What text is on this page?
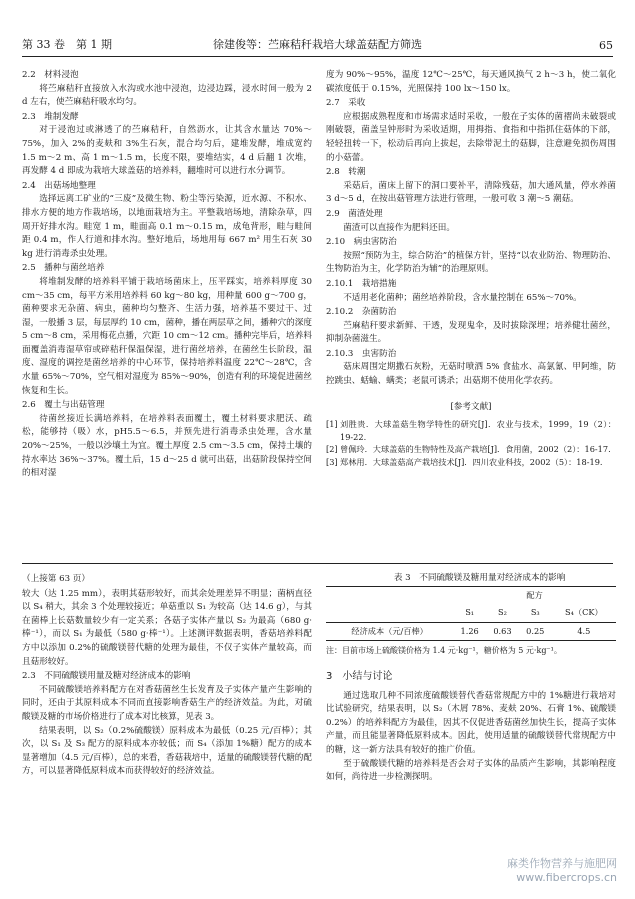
第 33 卷　第 1 期	徐建俊等：苎麻秸秆栽培大球盖菇配方筛选	65

2.2　材料浸泡

将苎麻秸秆直接放入水沟或水池中浸泡，边浸边踩，浸水时间一般为 2 d 左右，使苎麻秸秆吸水均匀。

2.3　堆制发酵

对于浸泡过或淋透了的苎麻秸秆，自然沥水，让其含水量达 70%～75%，加入 2%的麦麸和 3%生石灰，混合均匀后，建堆发酵，堆成宽约 1.5 m～2 m、高 1 m～1.5 m，长度不限，要堆结实，4 d 后翻 1 次堆，再发酵 4 d 即成为栽培大球盖菇的培养料，翻堆时可以进行水分调节。

2.4　出菇场地整理

选择远离工矿业的“三废”及微生物、粉尘等污染源，近水源、不积水、排水方便的地方作栽培场，以地面栽培为主。平整栽培场地，清除杂草，四周开好排水沟。畦宽 1 m，畦面高 0.1 m～0.15 m，成龟背形，畦与畦间距 0.4 m，作人行道和排水沟。整好地后，场地用每 667 m² 用生石灰 30 kg 进行消毒杀虫处理。

2.5　播种与菌丝培养

将堆制发酵的培养料平铺于栽培场菌床上，压平踩实，培养料厚度 30 cm～35 cm，每平方米用培养料 60 kg～80 kg，用种量 600 g～700 g，菌种要求无杂菌、病虫，菌种均匀整齐、生活力强，培养基不要过干、过湿，一般播 3 层，每层厚约 10 cm，菌种，播在两层草之间，播种穴的深度 5 cm～8 cm，采用梅花点播，穴距 10 cm～12 cm。播种完毕后，培养料面覆盖消毒湿草帘或碎秸秆保温保湿，进行菌丝培养，在菌丝生长阶段，温度、湿度的调控是菌丝培养的中心环节，保持培养料温度 22℃～28℃，含水量 65%～70%，空气相对湿度为 85%～90%，创造有利的环境促进菌丝恢复和生长。

2.6　覆土与出菇管理

待菌丝接近长满培养料，在培养料表面覆土，覆土材料要求肥沃、疏松，能够持（吸）水，pH5.5～6.5，并预先进行消毒杀虫处理，含水量 20%～25%，一般以沙壤土为宜。覆土厚度 2.5 cm～3.5 cm，保持土壤的持水率达 36%～37%。覆土后，15 d～25 d 就可出菇，出菇阶段保持空间的相对湿

度为 90%～95%，温度 12℃～25℃，每天通风换气 2 h～3 h，使二氧化碳浓度低于 0.15%，光照保持 100 lx～150 lx。

2.7　采收

应根据成熟程度和市场需求适时采收，一般在子实体的菌褶尚未破裂或刚破裂，菌盖呈钟形时为采收适期，用拇指、食指和中指抓住菇体的下部，轻轻扭转一下，松动后再向上拔起，去除带泥土的菇脚，注意避免损伤周围的小菇蕾。

2.8　转潮

采菇后，菌床上留下的洞口要补平，清除残菇，加大通风量，停水养菌 3 d～5 d，在按出菇管理方法进行管理，一般可收 3 潮～5 潮菇。

2.9　菌渣处理

菌渣可以直接作为肥料还田。

2.10　病虫害防治

按照“预防为主，综合防治”的植保方针，坚持“以农业防治、物理防治、生物防治为主，化学防治为辅”的治理原则。

2.10.1　栽培措施

不适用老化菌种；菌丝培养阶段，含水量控制在 65%～70%。

2.10.2　杂菌防治

苎麻秸秆要求新鲜、干透，发现鬼伞，及时拔除深埋；培养健壮菌丝，抑制杂菌滋生。

2.10.3　虫害防治

菇床周围定期撒石灰粉，无菇时喷洒 5% 食盐水、高氯氰、甲阿维，防控跳虫、蛞蝓、螨类；老鼠可诱杀；出菇期不使用化学农药。

[参考文献]

[1] 刘胜贵．大球盖菇生物学特性的研究[J]．农业与技术，1999，19（2）：19-22.

[2] 曾佩玲．大球盖菇的生物特性及高产栽培[J]．食用菌，2002（2）：16-17.

[3] 郑林用．大球盖菇高产栽培技术[J]．四川农业科技，2002（5）：18-19.

（上接第 63 页）

较大（达 1.25 mm），表明其菇形较好，而其余处理差异不明显；菌柄直径以 S₄ 稍大，其余 3 个处理较接近；单菇重以 S₁ 为较高（达 14.6 g），与其在菌棒上长菇数量较少有一定关系；各菇子实体产量以 S₂ 为最高（680 g·棒⁻¹），而以 S₁ 为最低（580 g·棒⁻¹）。上述测评数据表明，香菇培养料配方中以添加 0.2%的硫酸镁替代糖的处理为最佳，不仅子实体产量较高，而且菇形较好。

2.3　不同硫酸镁用量及糖对经济成本的影响

不同硫酸镁培养料配方在对香菇菌丝生长发育及子实体产量产生影响的同时，还由于其原料成本不同而直接影响香菇生产的经济效益。为此，对硫酸镁及糖的市场价格进行了成本对比核算，见表 3。

结果表明，以 S₂（0.2%硫酸镁）原料成本为最低（0.25 元/百棒）；其次，以 S₁ 及 S₃ 配方的原料成本亦较低；而 S₄（添加 1%糖）配方的成本显著增加（4.5 元/百棒），总的来看，香菇栽培中，适量的硫酸镁替代糖的配方，可以显著降低原料成本而获得较好的经济效益。

表 3　不同硫酸镁及糖用量对经济成本的影响

	配方			
	S₁	S₂	S₃	S₄（CK）
经济成本（元/百棒）	1.26	0.63	0.25	4.5

注：目前市场上硫酸镁价格为 1.4 元·kg⁻¹，糖价格为 5 元·kg⁻¹。

3　小结与讨论

通过选取几种不同浓度硫酸镁替代香菇常规配方中的 1%糖进行栽培对比试验研究，结果表明，以 S₂（木屑 78%、麦麸 20%、石膏 1%、硫酸镁 0.2%）的培养料配方为最佳，因其不仅促进香菇菌丝加快生长，提高子实体产量，而且能显著降低原料成本。因此，使用适量的硫酸镁替代常规配方中的糖，这一新方法具有较好的推广价值。

至于硫酸镁代糖的培养料是否会对子实体的品质产生影响，其影响程度如何，尚待进一步检测探明。

麻类作物营养与施肥网
www.fibercrops.cn
